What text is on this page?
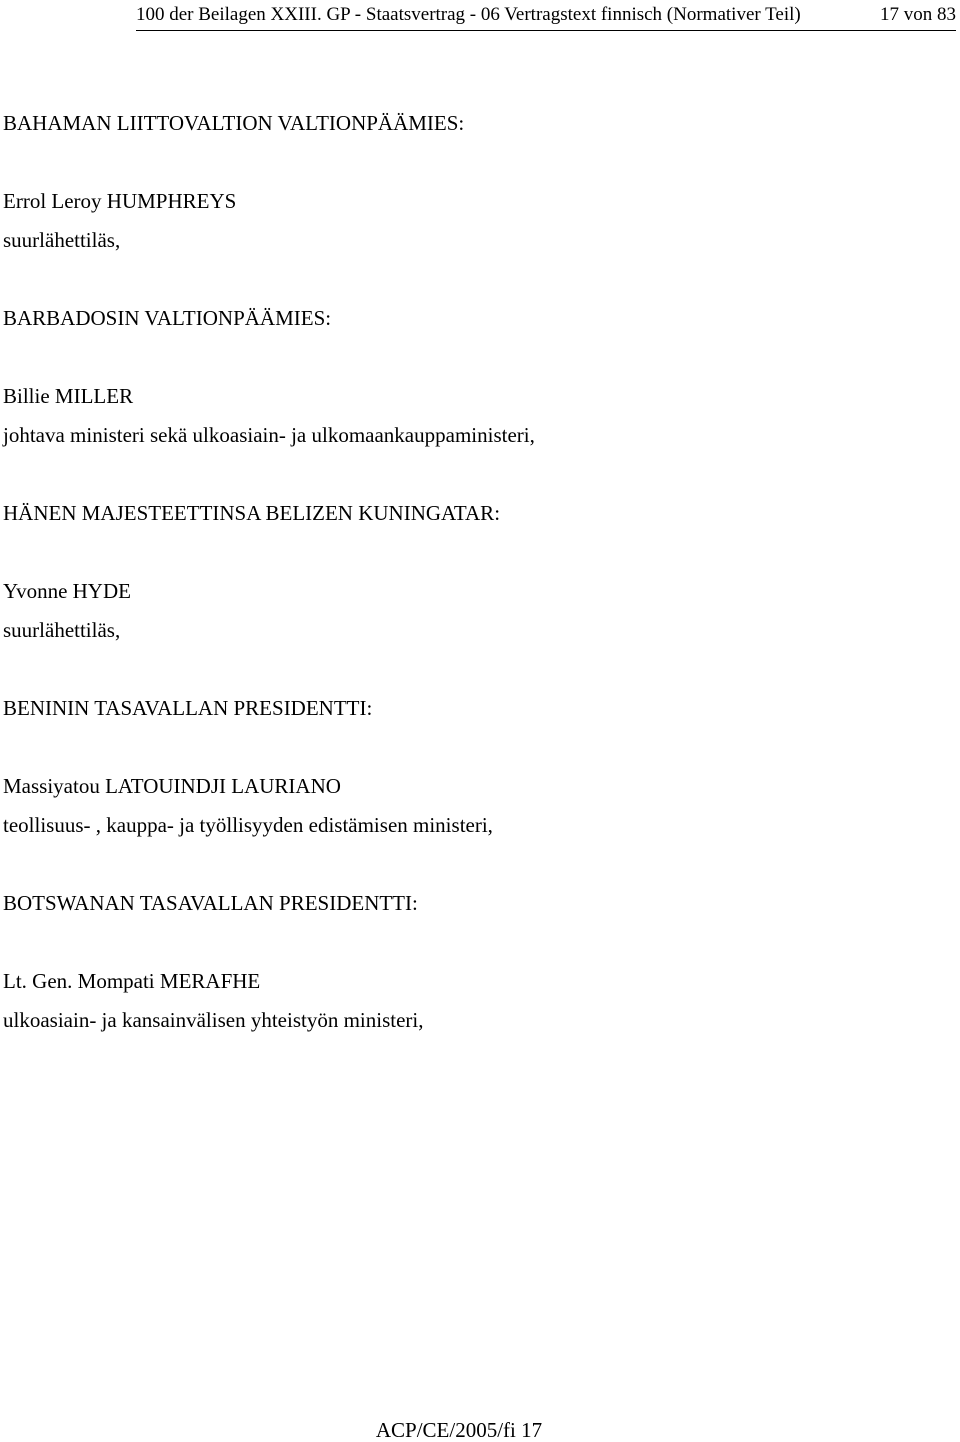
100 der Beilagen XXIII. GP - Staatsvertrag - 06 Vertragstext finnisch (Normativer Teil)	17 von 83
BAHAMAN LIITTOVALTION VALTIONPÄÄMIES:
Errol Leroy HUMPHREYS
suurlähettiläs,
BARBADOSIN VALTIONPÄÄMIES:
Billie MILLER
johtava ministeri sekä ulkoasiain- ja ulkomaankauppaministeri,
HÄNEN MAJESTEETTINSA BELIZEN KUNINGATAR:
Yvonne HYDE
suurlähettiläs,
BENININ TASAVALLAN PRESIDENTTI:
Massiyatou LATOUINDJI LAURIANO
teollisuus- , kauppa- ja työllisyyden edistämisen ministeri,
BOTSWANAN TASAVALLAN PRESIDENTTI:
Lt. Gen. Mompati MERAFHE
ulkoasiain- ja kansainvälisen yhteistyön ministeri,
ACP/CE/2005/fi 17
